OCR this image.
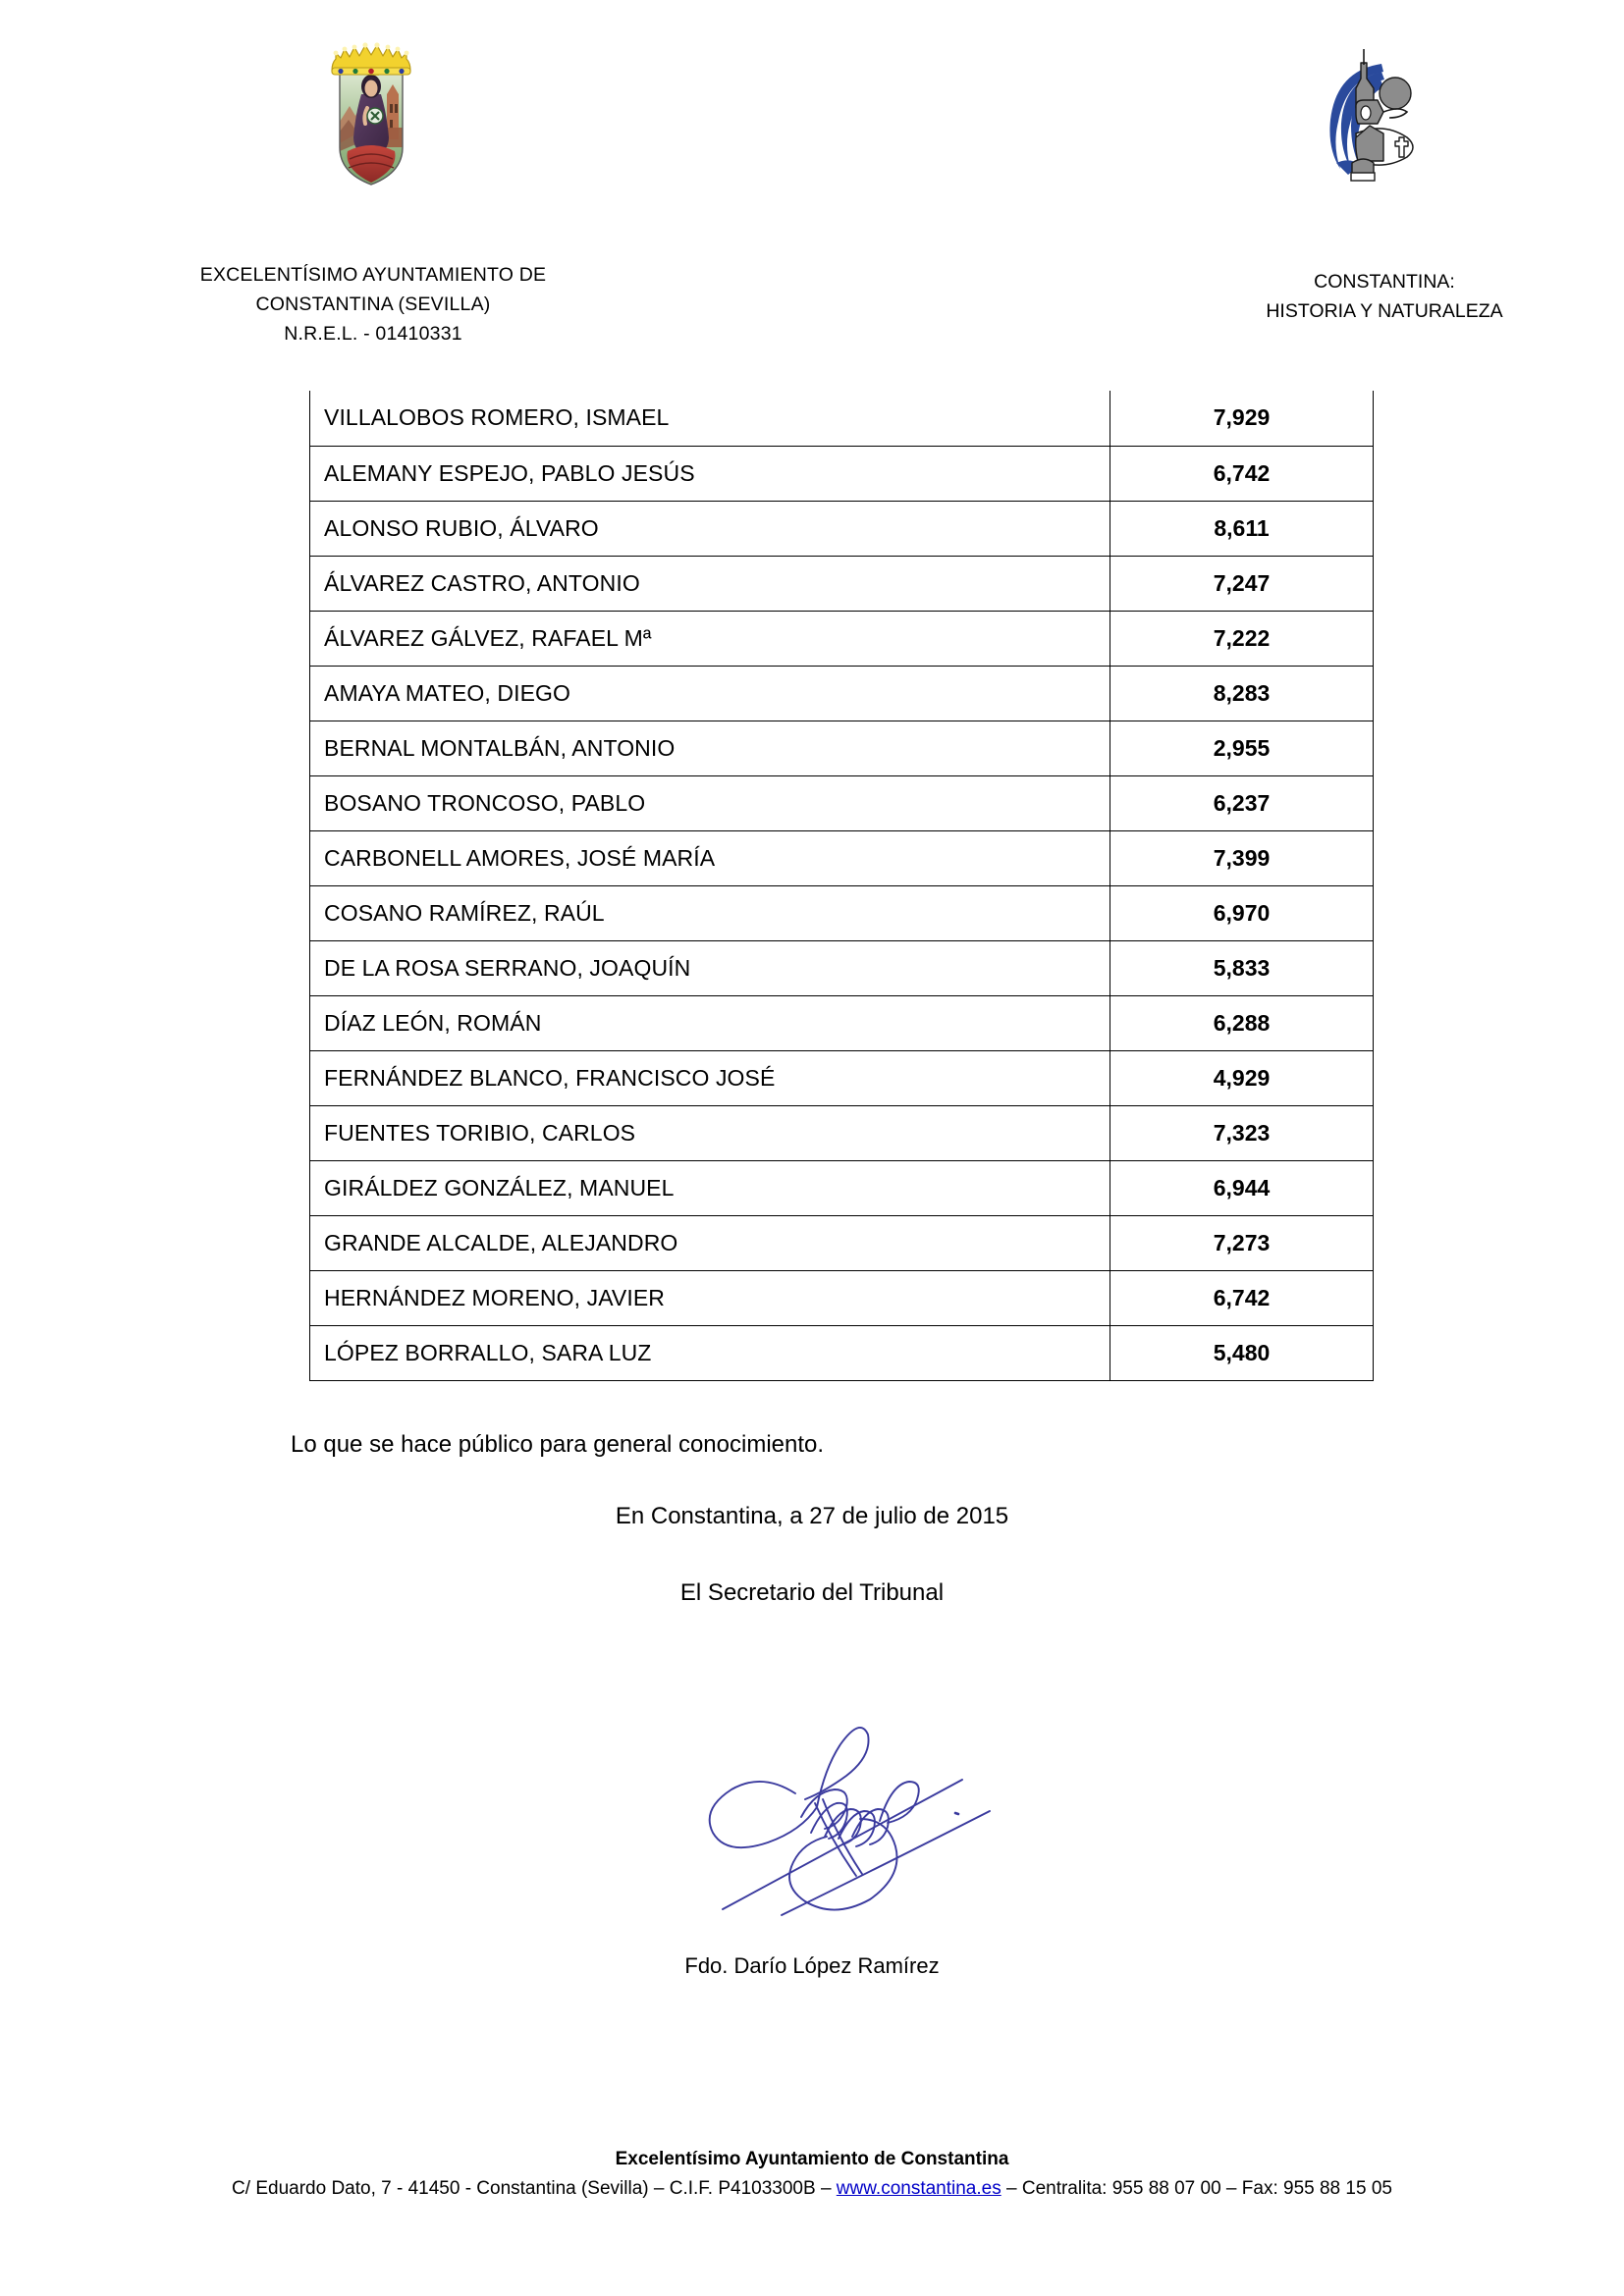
EXCELENTÍSIMO AYUNTAMIENTO DE
CONSTANTINA (SEVILLA)
N.R.E.L. - 01410331
CONSTANTINA:
HISTORIA Y NATURALEZA
VILLALOBOS ROMERO, ISMAEL	7,929
ALEMANY ESPEJO, PABLO JESÚS	6,742
ALONSO RUBIO, ÁLVARO	8,611
ÁLVAREZ CASTRO, ANTONIO	7,247
ÁLVAREZ GÁLVEZ, RAFAEL Mª	7,222
AMAYA MATEO, DIEGO	8,283
BERNAL MONTALBÁN, ANTONIO	2,955
BOSANO TRONCOSO, PABLO	6,237
CARBONELL AMORES, JOSÉ MARÍA	7,399
COSANO RAMÍREZ, RAÚL	6,970
DE LA ROSA SERRANO, JOAQUÍN	5,833
DÍAZ LEÓN, ROMÁN	6,288
FERNÁNDEZ BLANCO, FRANCISCO JOSÉ	4,929
FUENTES TORIBIO, CARLOS	7,323
GIRÁLDEZ GONZÁLEZ, MANUEL	6,944
GRANDE ALCALDE, ALEJANDRO	7,273
HERNÁNDEZ MORENO, JAVIER	6,742
LÓPEZ BORRALLO, SARA LUZ	5,480
Lo que se hace público para general conocimiento.
En Constantina, a 27 de julio de 2015
El Secretario del Tribunal
Fdo. Darío López Ramírez
Excelentísimo Ayuntamiento de Constantina
C/ Eduardo Dato, 7 - 41450 - Constantina (Sevilla) – C.I.F. P4103300B – www.constantina.es – Centralita: 955 88 07 00 – Fax: 955 88 15 05
